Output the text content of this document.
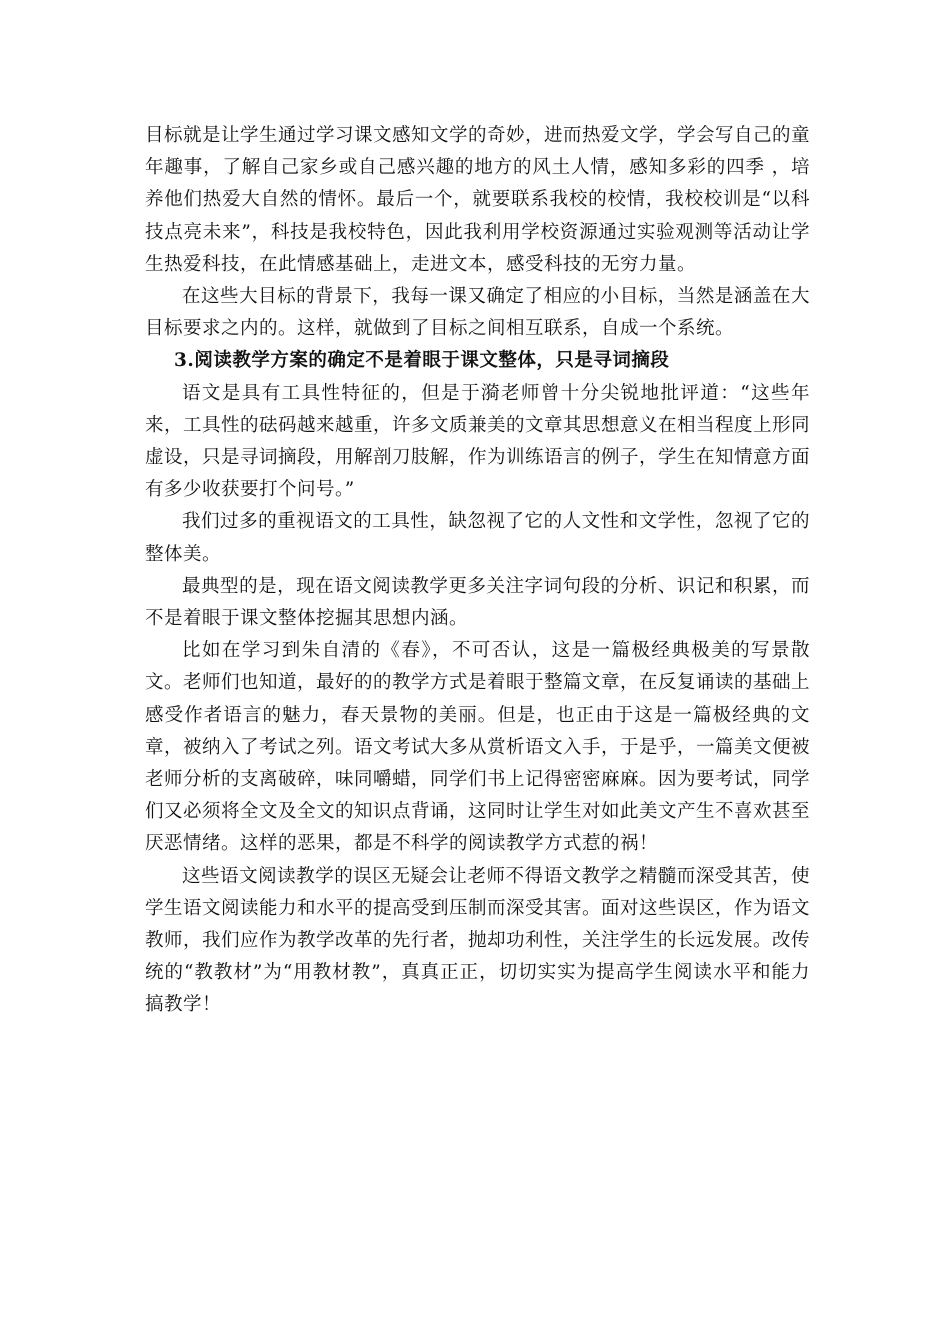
目标就是让学生通过学习课文感知文学的奇妙，进而热爱文学，学会写自己的童年趣事，了解自己家乡或自己感兴趣的地方的风土人情，感知多彩的四季 ，培养他们热爱大自然的情怀。最后一个，就要联系我校的校情，我校校训是“以科技点亮未来”，科技是我校特色，因此我利用学校资源通过实验观测等活动让学生热爱科技，在此情感基础上，走进文本，感受科技的无穷力量。

在这些大目标的背景下，我每一课又确定了相应的小目标，当然是涵盖在大目标要求之内的。这样，就做到了目标之间相互联系，自成一个系统。

3.阅读教学方案的确定不是着眼于课文整体，只是寻词摘段

语文是具有工具性特征的，但是于漪老师曾十分尖锐地批评道：“这些年来，工具性的砝码越来越重，许多文质兼美的文章其思想意义在相当程度上形同虚设，只是寻词摘段，用解剖刀肢解，作为训练语言的例子，学生在知情意方面有多少收获要打个问号。”

我们过多的重视语文的工具性，缺忽视了它的人文性和文学性，忽视了它的整体美。

最典型的是，现在语文阅读教学更多关注字词句段的分析、识记和积累，而不是着眼于课文整体挖掘其思想内涵。

比如在学习到朱自清的《春》，不可否认，这是一篇极经典极美的写景散文。老师们也知道，最好的的教学方式是着眼于整篇文章，在反复诵读的基础上感受作者语言的魅力，春天景物的美丽。但是，也正由于这是一篇极经典的文章，被纳入了考试之列。语文考试大多从赏析语文入手，于是乎，一篇美文便被老师分析的支离破碎，味同嚼蜡，同学们书上记得密密麻麻。因为要考试，同学们又必须将全文及全文的知识点背诵，这同时让学生对如此美文产生不喜欢甚至厌恶情绪。这样的恶果，都是不科学的阅读教学方式惹的祸！

这些语文阅读教学的误区无疑会让老师不得语文教学之精髓而深受其苦，使学生语文阅读能力和水平的提高受到压制而深受其害。面对这些误区，作为语文教师，我们应作为教学改革的先行者，抛却功利性，关注学生的长远发展。改传统的“教教材”为“用教材教”，真真正正，切切实实为提高学生阅读水平和能力搞教学！
